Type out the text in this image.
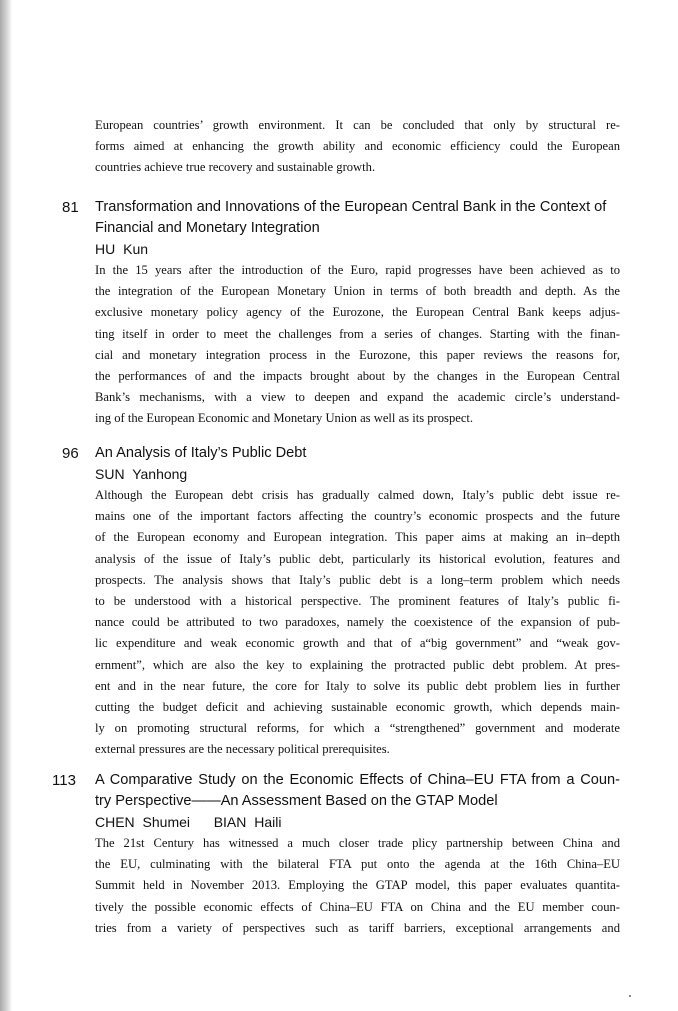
European countries’ growth environment. It can be concluded that only by structural re-
forms aimed at enhancing the growth ability and economic efficiency could the European
countries achieve true recovery and sustainable growth.
81 Transformation and Innovations of the European Central Bank in the Context of
Financial and Monetary Integration

HU Kun

In the 15 years after the introduction of the Euro, rapid progresses have been achieved as to
the integration of the European Monetary Union in terms of both breadth and depth. As the
exclusive monetary policy agency of the Eurozone, the European Central Bank keeps adjus-
ting itself in order to meet the challenges from a series of changes. Starting with the finan-
cial and monetary integration process in the Eurozone, this paper reviews the reasons for,
the performances of and the impacts brought about by the changes in the European Central
Bank’s mechanisms, with a view to deepen and expand the academic circle’s understand-
ing of the European Economic and Monetary Union as well as its prospect.
96 An Analysis of Italy’s Public Debt

SUN Yanhong

Although the European debt crisis has gradually calmed down, Italy’s public debt issue re-
mains one of the important factors affecting the country’s economic prospects and the future
of the European economy and European integration. This paper aims at making an in–depth
analysis of the issue of Italy’s public debt, particularly its historical evolution, features and
prospects. The analysis shows that Italy’s public debt is a long–term problem which needs
to be understood with a historical perspective. The prominent features of Italy’s public fi-
nance could be attributed to two paradoxes, namely the coexistence of the expansion of pub-
lic expenditure and weak economic growth and that of a“big government” and “weak gov-
ernment”, which are also the key to explaining the protracted public debt problem. At pres-
ent and in the near future, the core for Italy to solve its public debt problem lies in further
cutting the budget deficit and achieving sustainable economic growth, which depends main-
ly on promoting structural reforms, for which a “strengthened” government and moderate
external pressures are the necessary political prerequisites.
113 A Comparative Study on the Economic Effects of China–EU FTA from a Coun-
try Perspective——An Assessment Based on the GTAP Model

CHEN Shumei   BIAN Haili

The 21st Century has witnessed a much closer trade plicy partnership between China and
the EU, culminating with the bilateral FTA put onto the agenda at the 16th China–EU
Summit held in November 2013. Employing the GTAP model, this paper evaluates quantita-
tively the possible economic effects of China–EU FTA on China and the EU member coun-
tries from a variety of perspectives such as tariff barriers, exceptional arrangements and
